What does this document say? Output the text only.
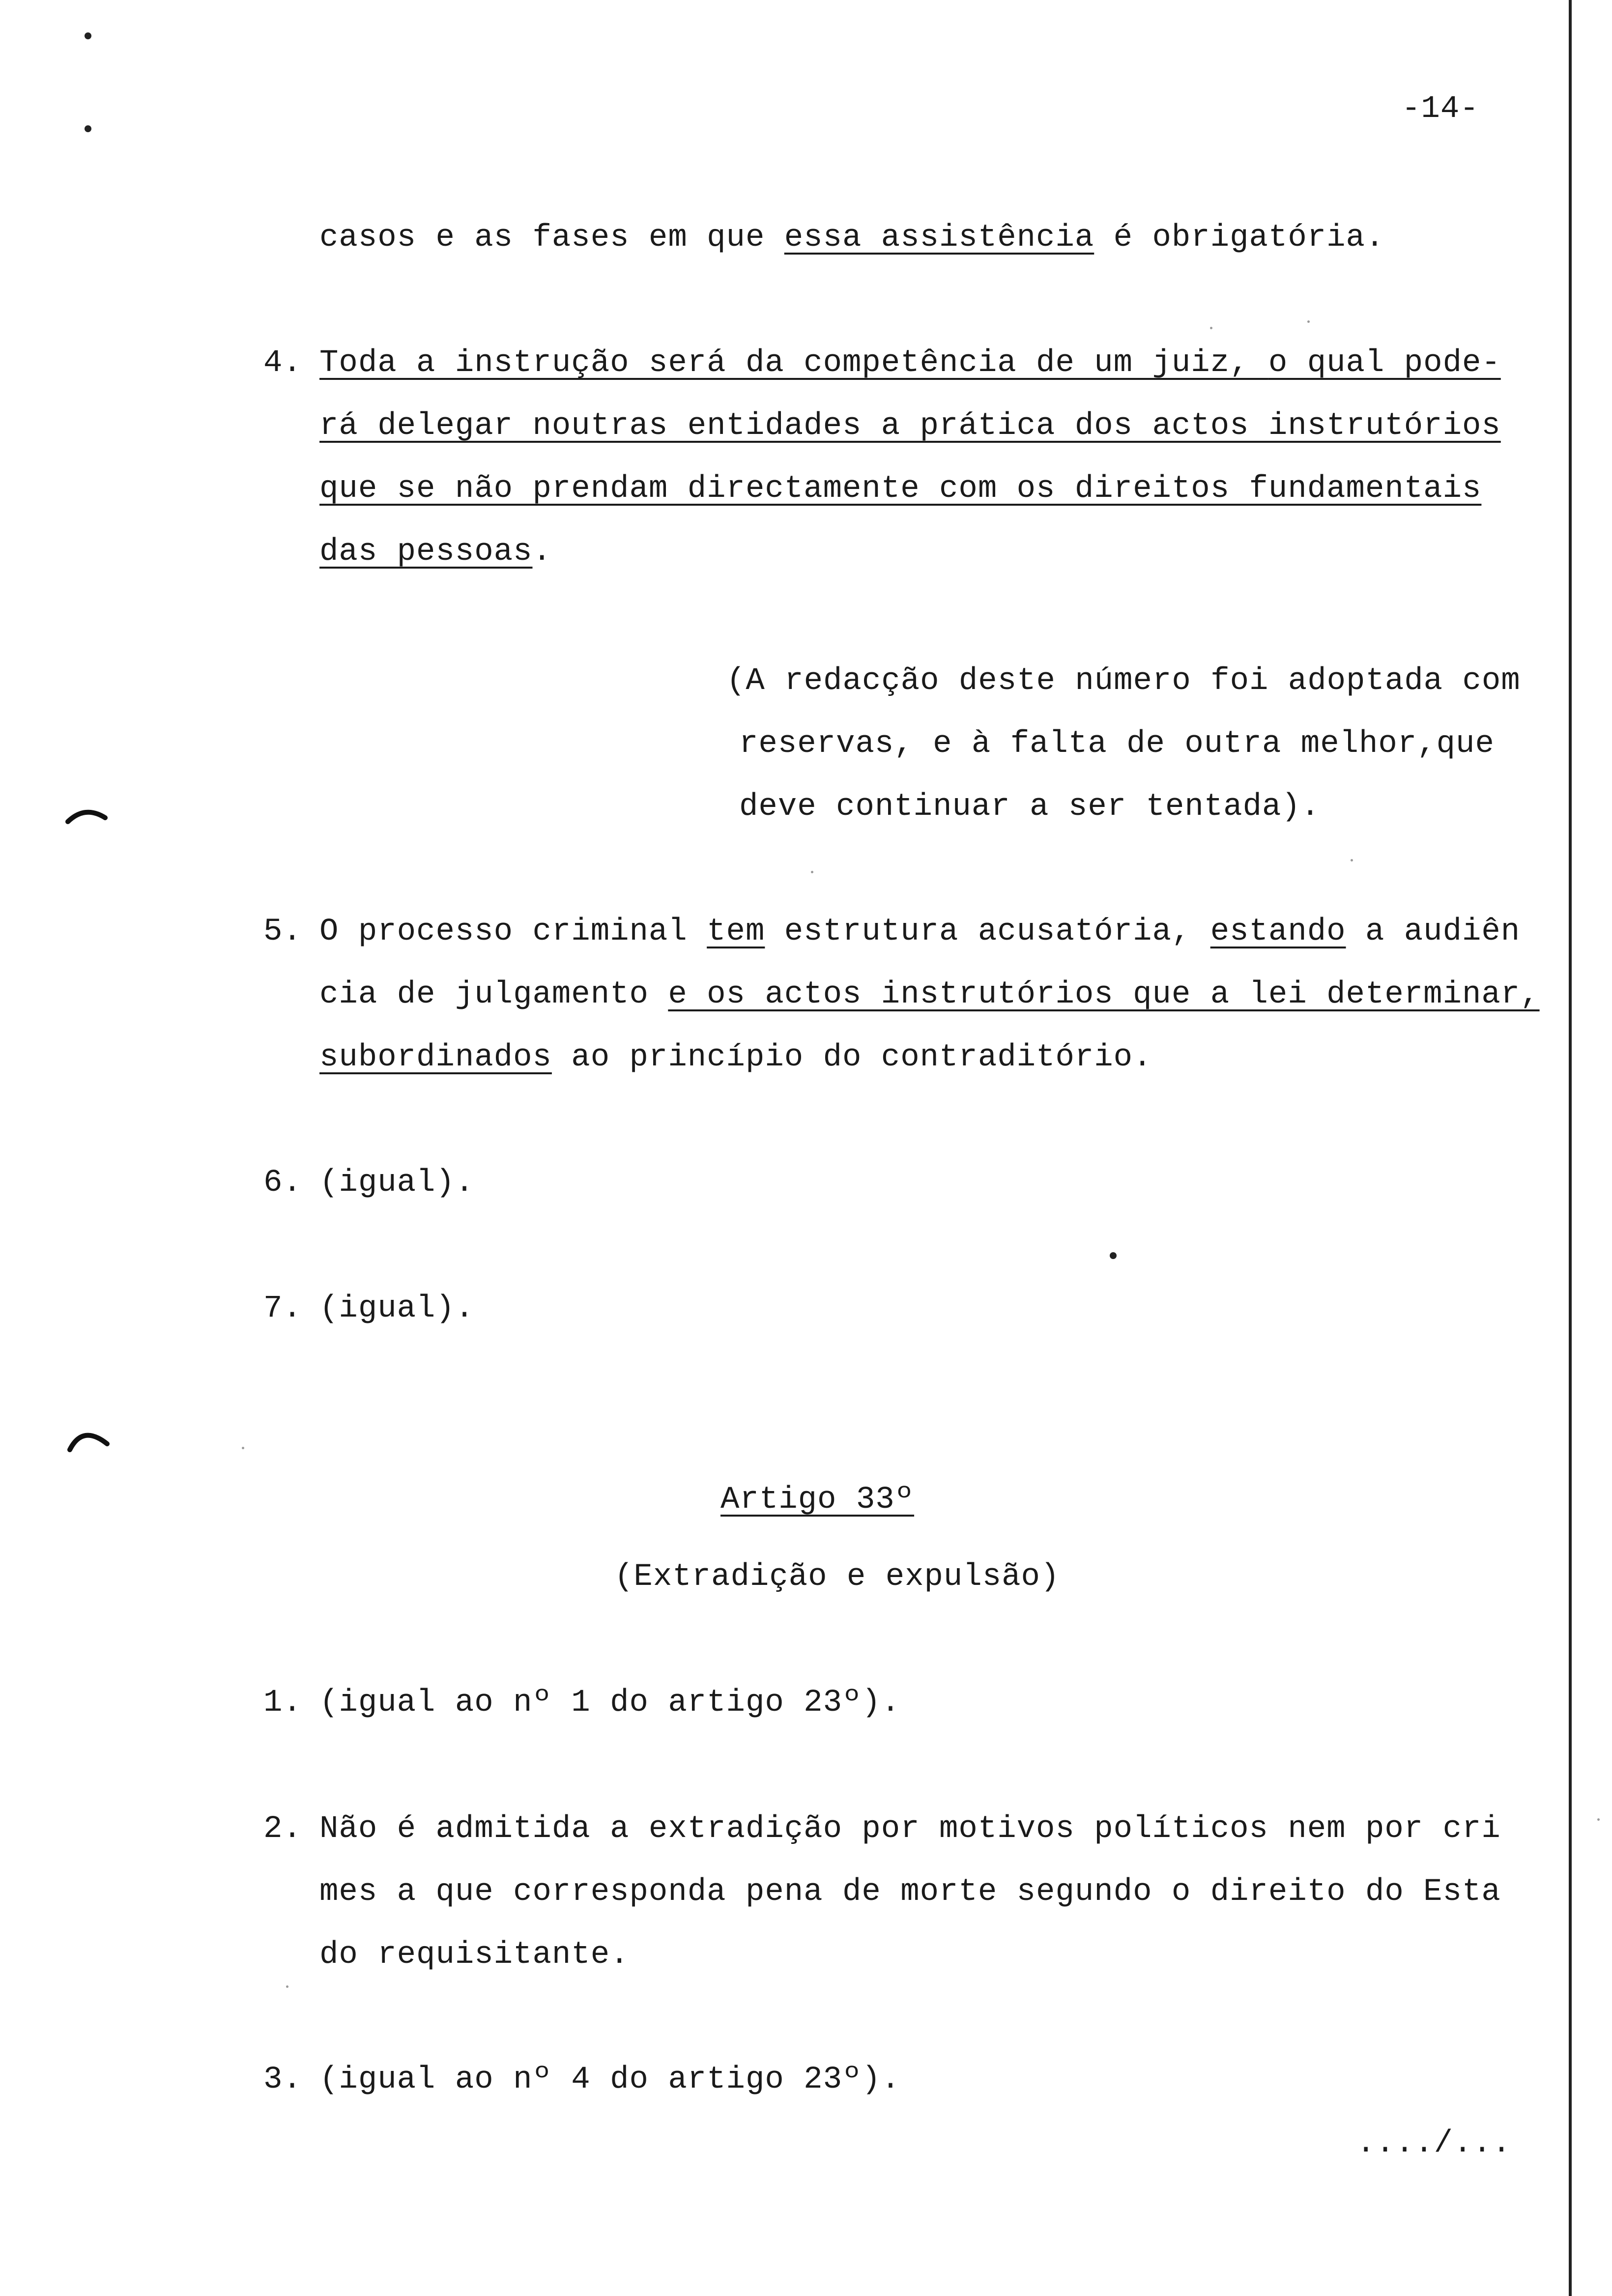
-14-
casos e as fases em que essa assistência é obrigatória.
4. Toda a instrução será da competência de um juiz, o qual pode-
rá delegar noutras entidades a prática dos actos instrutórios
que se não prendam directamente com os direitos fundamentais
das pessoas.
(A redacção deste número foi adoptada com
reservas, e à falta de outra melhor,que
deve continuar a ser tentada).
5. O processo criminal tem estrutura acusatória, estando a audiên
cia de julgamento e os actos instrutórios que a lei determinar,
subordinados ao princípio do contraditório.
6. (igual).
7. (igual).
Artigo 33º
(Extradição e expulsão)
1. (igual ao nº 1 do artigo 23º).
2. Não é admitida a extradição por motivos políticos nem por cri
mes a que corresponda pena de morte segundo o direito do Esta
do requisitante.
3. (igual ao nº 4 do artigo 23º).
..../...
